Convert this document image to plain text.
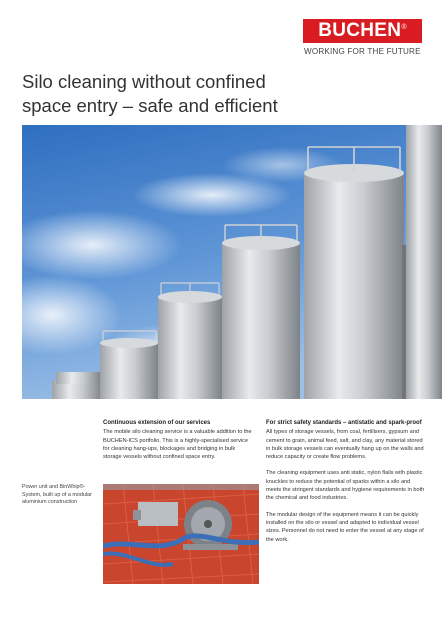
BUCHEN®
WORKING FOR THE FUTURE
Silo cleaning without confined
space entry – safe and efficient
Continuous extension of our services

The mobile silo cleaning service is a valuable addition to the BUCHEN-ICS portfolio. This is a highly-specialised service for cleaning hang-ups, blockages and bridging in bulk storage vessels without confined space entry.

Power unit and BinWhip®-System, built up of a modular aluminium construction
For strict safety standards – antistatic and spark-proof

All types of storage vessels, from coal, fertilisers, gypsum and cement to grain, animal feed, salt, and clay, any material stored in bulk storage vessels can eventually hang up on the walls and reduce capacity or create flow problems.

The cleaning equipment uses anti static, nylon flails with plastic knuckles to reduce the potential of sparks within a silo and meets the stringent standards and hygiene requirements in both the chemical and food industries.

The modular design of the equipment means it can be quickly installed on the silo or vessel and adapted to individual vessel sizes. Personnel do not need to enter the vessel at any stage of the work.
